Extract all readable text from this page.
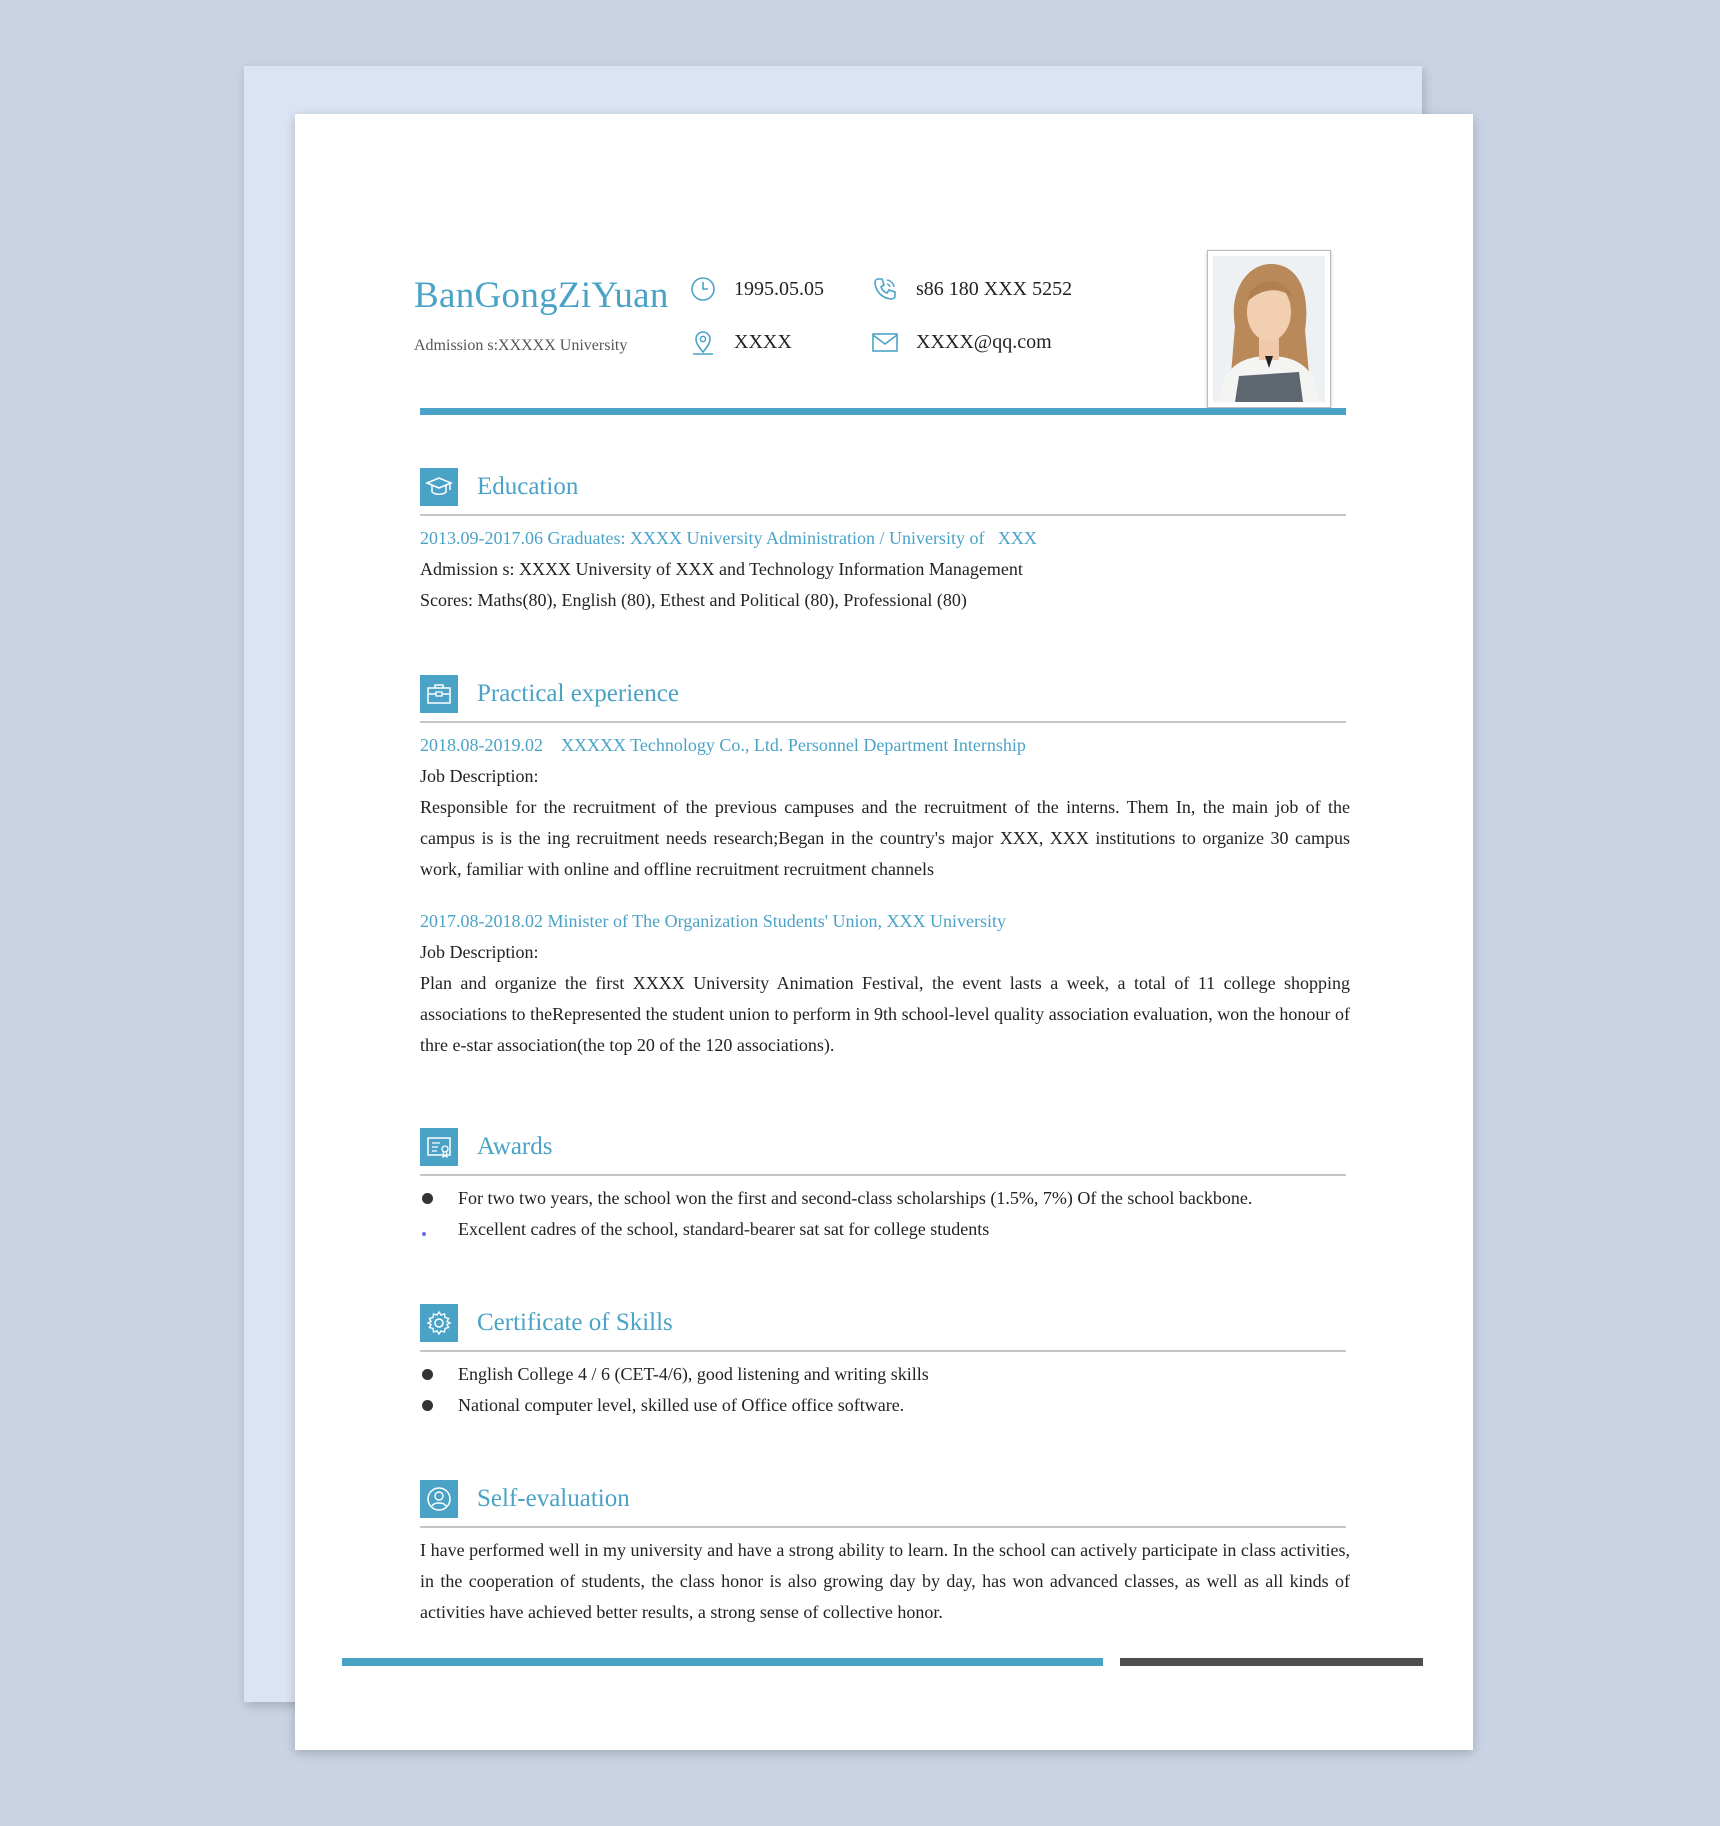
BanGongZiYuan
Admission s:XXXXX University
1995.05.05
XXXX
s86 180 XXX 5252
XXXX@qq.com
Education
2013.09-2017.06 Graduates: XXXX University Administration / University of   XXX
Admission s: XXXX University of XXX and Technology Information Management
Scores: Maths(80), English (80), Ethest and Political (80), Professional (80)
Practical experience
2018.08-2019.02    XXXXX Technology Co., Ltd. Personnel Department Internship
Job Description:
Responsible for the recruitment of the previous campuses and the recruitment of the interns. Them In, the main job of the campus is is the ing recruitment needs research;Began in the country's major XXX, XXX institutions to organize 30 campus work, familiar with online and offline recruitment recruitment channels
2017.08-2018.02 Minister of The Organization Students' Union, XXX University
Job Description:
Plan and organize the first XXXX University Animation Festival, the event lasts a week, a total of 11 college shopping associations to theRepresented the student union to perform in 9th school-level quality association evaluation, won the honour of thre e-star association(the top 20 of the 120 associations).
Awards
For two two years, the school won the first and second-class scholarships (1.5%, 7%) Of the school backbone.
Excellent cadres of the school, standard-bearer sat sat for college students
Certificate of Skills
English College 4 / 6 (CET-4/6), good listening and writing skills
National computer level, skilled use of Office office software.
Self-evaluation
I have performed well in my university and have a strong ability to learn. In the school can actively participate in class activities, in the cooperation of students, the class honor is also growing day by day, has won advanced classes, as well as all kinds of activities have achieved better results, a strong sense of collective honor.
